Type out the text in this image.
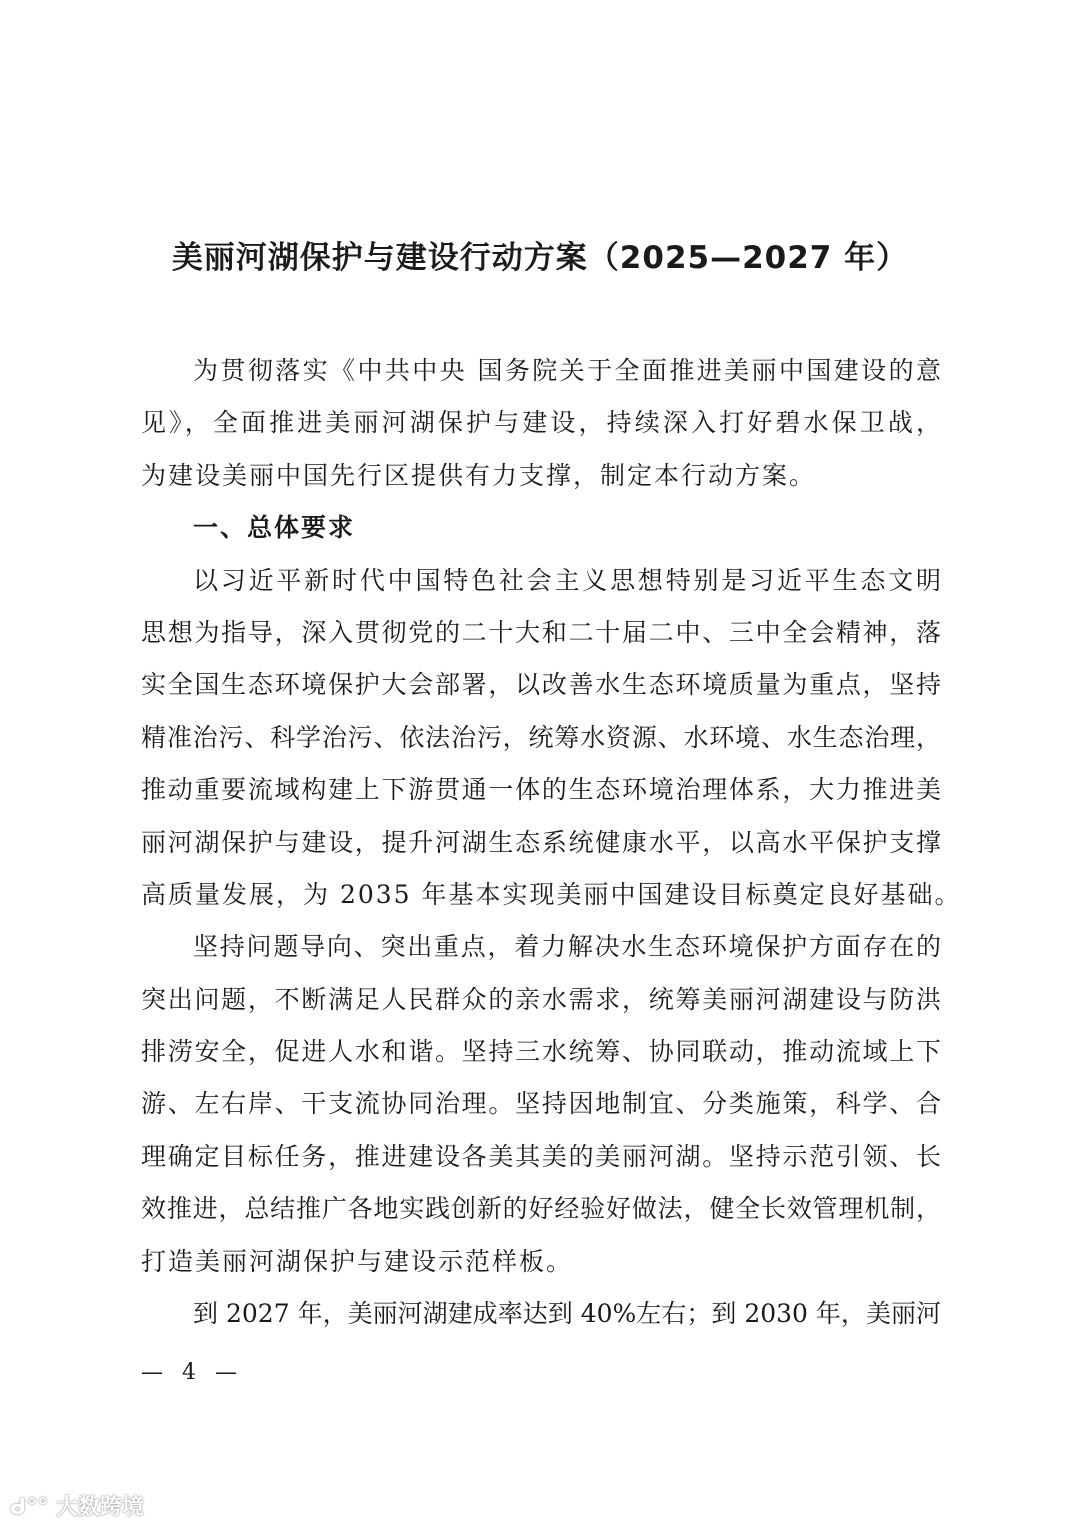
美丽河湖保护与建设行动方案（2025—2027 年）
为贯彻落实《中共中央 国务院关于全面推进美丽中国建设的意
见》，全面推进美丽河湖保护与建设，持续深入打好碧水保卫战，
为建设美丽中国先行区提供有力支撑，制定本行动方案。
一、总体要求
以习近平新时代中国特色社会主义思想特别是习近平生态文明
思想为指导，深入贯彻党的二十大和二十届二中、三中全会精神，落
实全国生态环境保护大会部署，以改善水生态环境质量为重点，坚持
精准治污、科学治污、依法治污，统筹水资源、水环境、水生态治理，
推动重要流域构建上下游贯通一体的生态环境治理体系，大力推进美
丽河湖保护与建设，提升河湖生态系统健康水平，以高水平保护支撑
高质量发展，为 2035 年基本实现美丽中国建设目标奠定良好基础。
坚持问题导向、突出重点，着力解决水生态环境保护方面存在的
突出问题，不断满足人民群众的亲水需求，统筹美丽河湖建设与防洪
排涝安全，促进人水和谐。坚持三水统筹、协同联动，推动流域上下
游、左右岸、干支流协同治理。坚持因地制宜、分类施策，科学、合
理确定目标任务，推进建设各美其美的美丽河湖。坚持示范引领、长
效推进，总结推广各地实践创新的好经验好做法，健全长效管理机制，
打造美丽河湖保护与建设示范样板。
到 2027 年，美丽河湖建成率达到 40%左右；到 2030 年，美丽河
— 4 —
ᑯ°° 大数跨境
